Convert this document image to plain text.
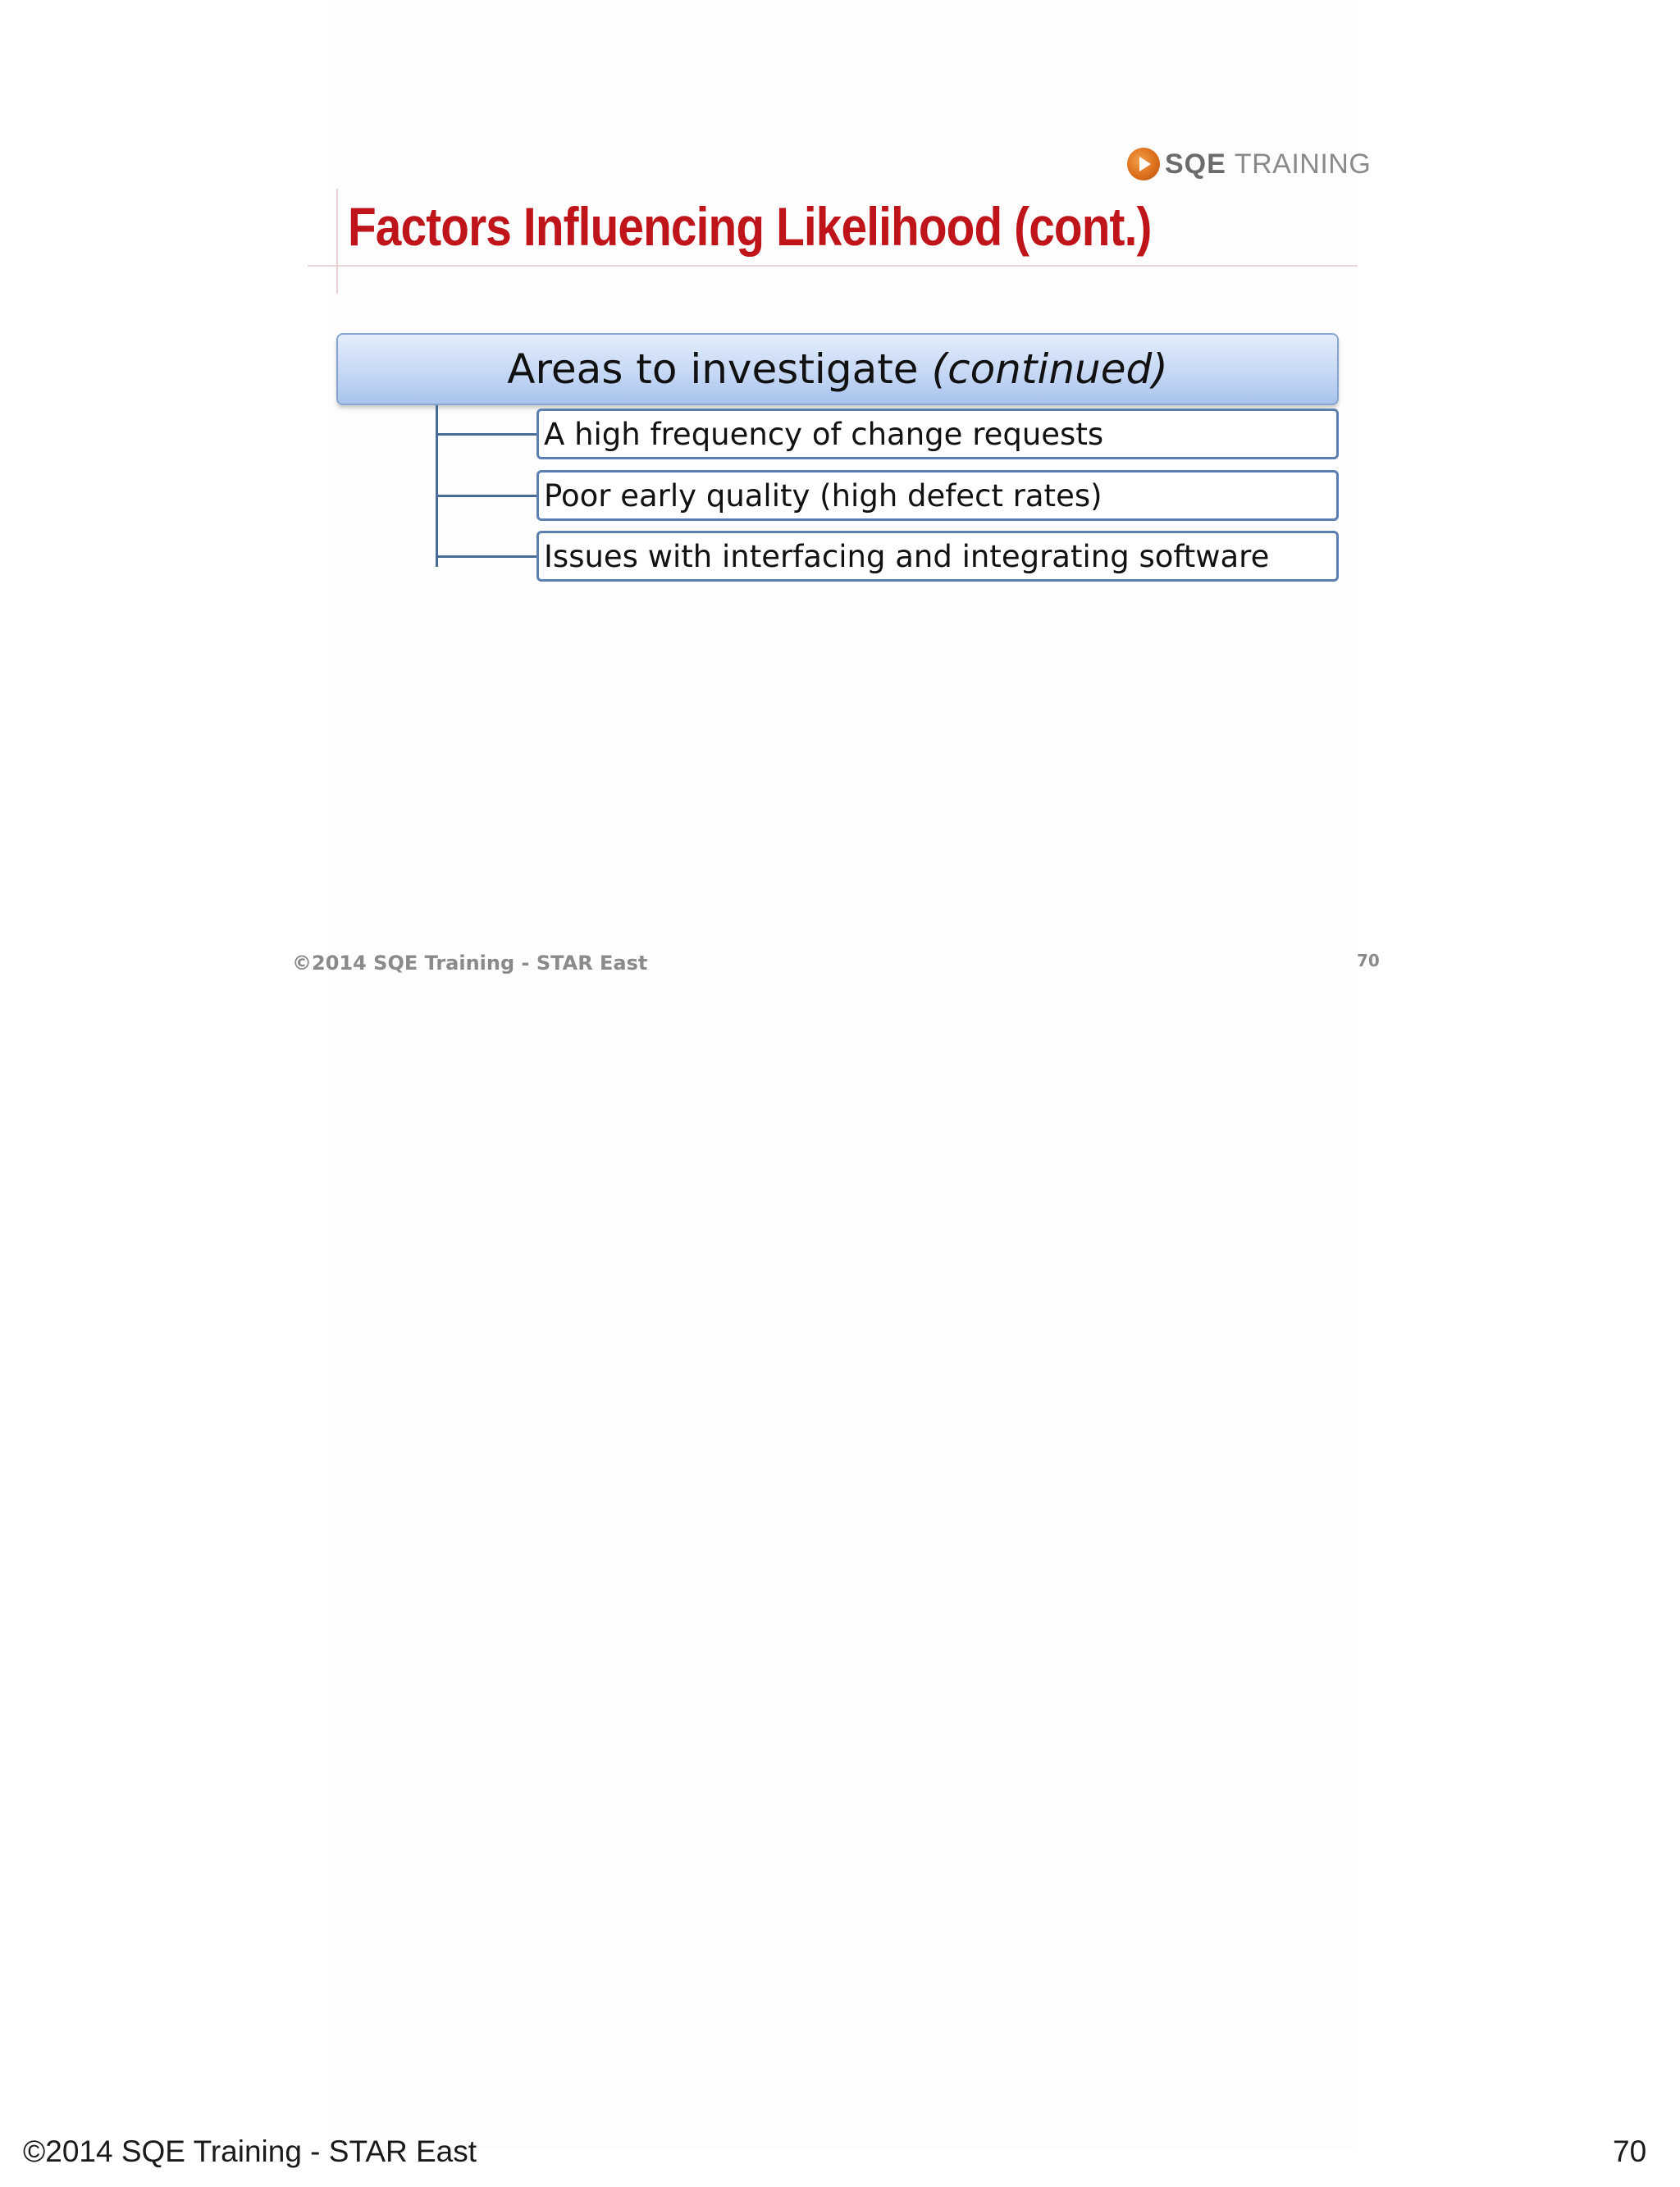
SQE TRAINING
Factors Influencing Likelihood (cont.)
Areas to investigate (continued)
A high frequency of change requests
Poor early quality (high defect rates)
Issues with interfacing and integrating software
©2014 SQE Training - STAR East	70
©2014 SQE Training - STAR East	70
